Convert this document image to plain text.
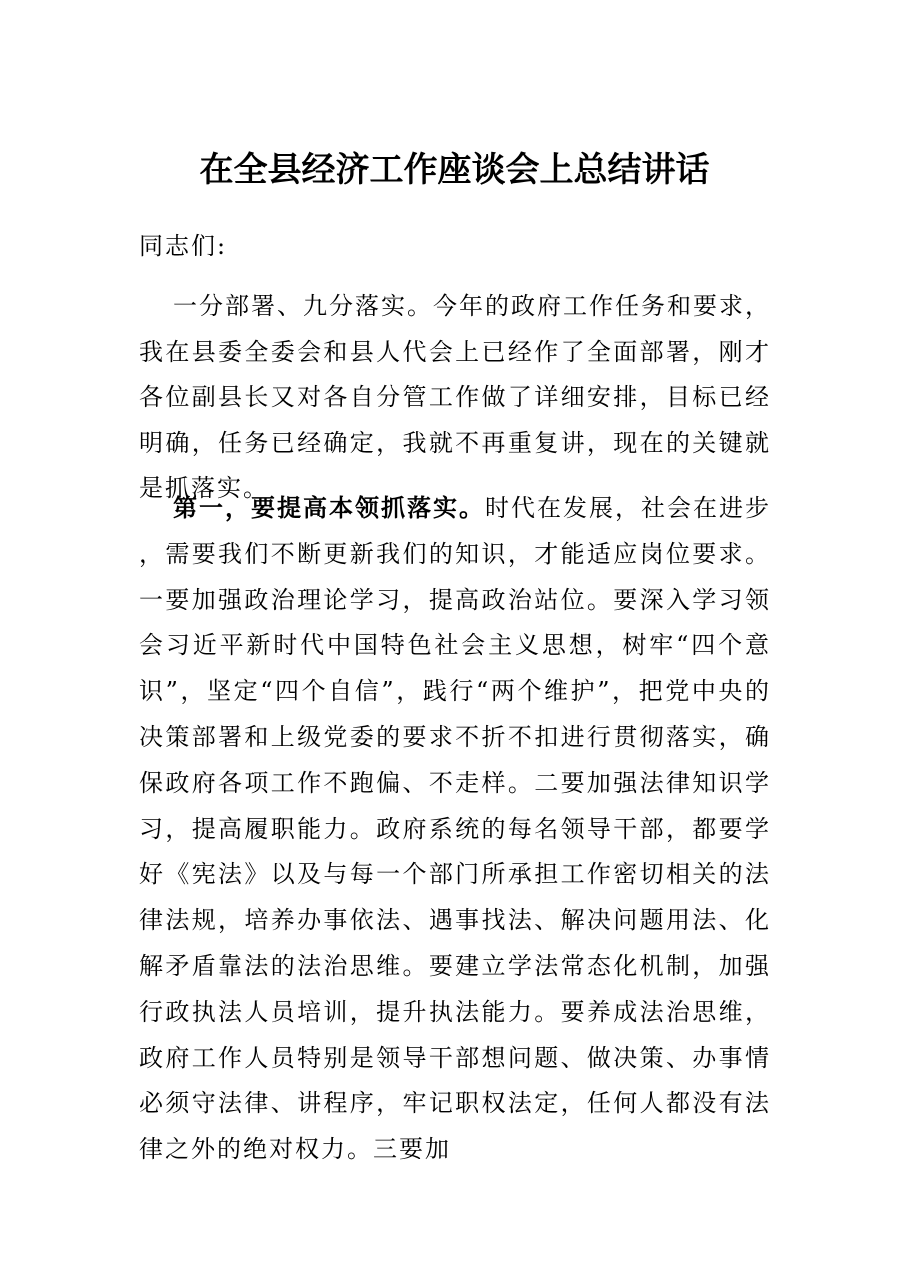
在全县经济工作座谈会上总结讲话
同志们:
一分部署、九分落实。今年的政府工作任务和要求，我在县委全委会和县人代会上已经作了全面部署，刚才各位副县长又对各自分管工作做了详细安排，目标已经明确，任务已经确定，我就不再重复讲，现在的关键就是抓落实。
第一，要提高本领抓落实。时代在发展，社会在进步，需要我们不断更新我们的知识，才能适应岗位要求。一要加强政治理论学习，提高政治站位。要深入学习领会习近平新时代中国特色社会主义思想，树牢“四个意识”，坚定“四个自信”，践行“两个维护”，把党中央的决策部署和上级党委的要求不折不扣进行贯彻落实，确保政府各项工作不跑偏、不走样。二要加强法律知识学习，提高履职能力。政府系统的每名领导干部，都要学好《宪法》以及与每一个部门所承担工作密切相关的法律法规，培养办事依法、遇事找法、解决问题用法、化解矛盾靠法的法治思维。要建立学法常态化机制，加强行政执法人员培训，提升执法能力。要养成法治思维，政府工作人员特别是领导干部想问题、做决策、办事情必须守法律、讲程序，牢记职权法定，任何人都没有法律之外的绝对权力。三要加
